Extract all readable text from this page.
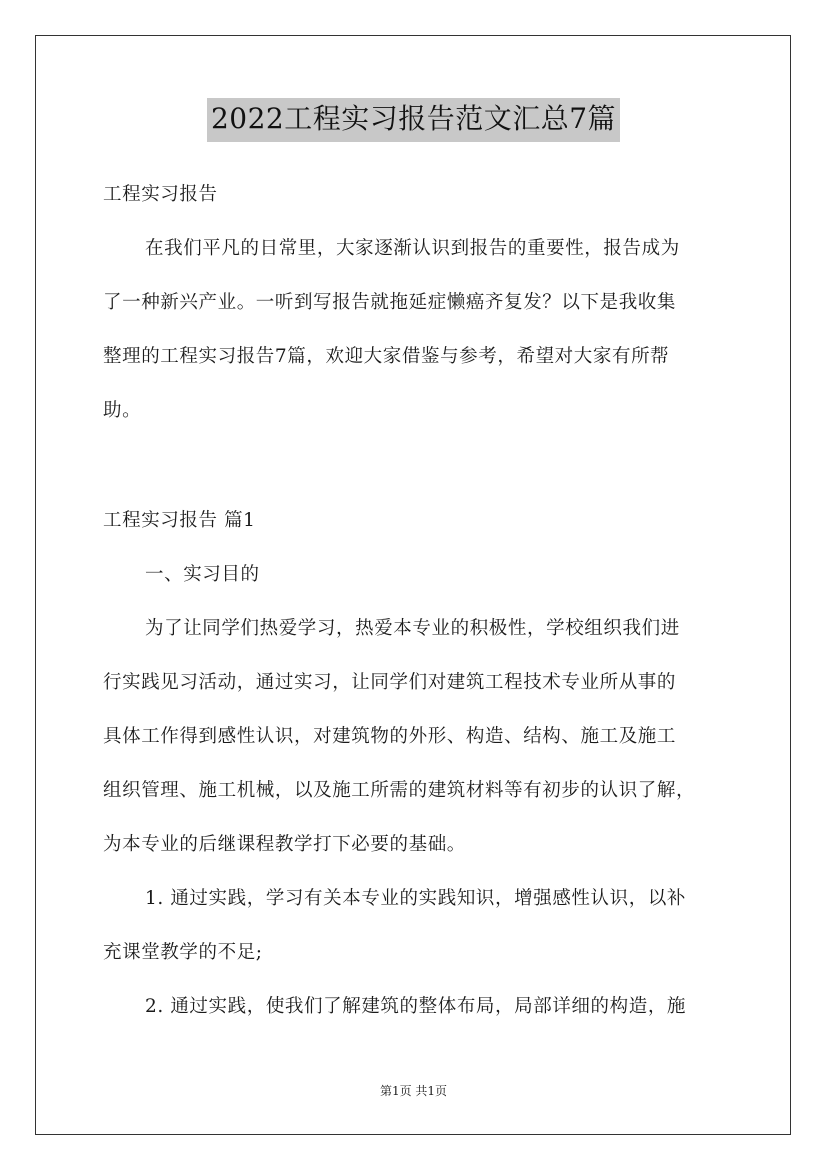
2022工程实习报告范文汇总7篇
工程实习报告
在我们平凡的日常里，大家逐渐认识到报告的重要性，报告成为
了一种新兴产业。一听到写报告就拖延症懒癌齐复发？以下是我收集
整理的工程实习报告7篇，欢迎大家借鉴与参考，希望对大家有所帮
助。
工程实习报告 篇1
一、实习目的
为了让同学们热爱学习，热爱本专业的积极性，学校组织我们进
行实践见习活动，通过实习，让同学们对建筑工程技术专业所从事的
具体工作得到感性认识，对建筑物的外形、构造、结构、施工及施工
组织管理、施工机械，以及施工所需的建筑材料等有初步的认识了解，
为本专业的后继课程教学打下必要的基础。
1. 通过实践，学习有关本专业的实践知识，增强感性认识，以补
充课堂教学的不足;
2. 通过实践，使我们了解建筑的整体布局，局部详细的构造，施
第1页 共1页
